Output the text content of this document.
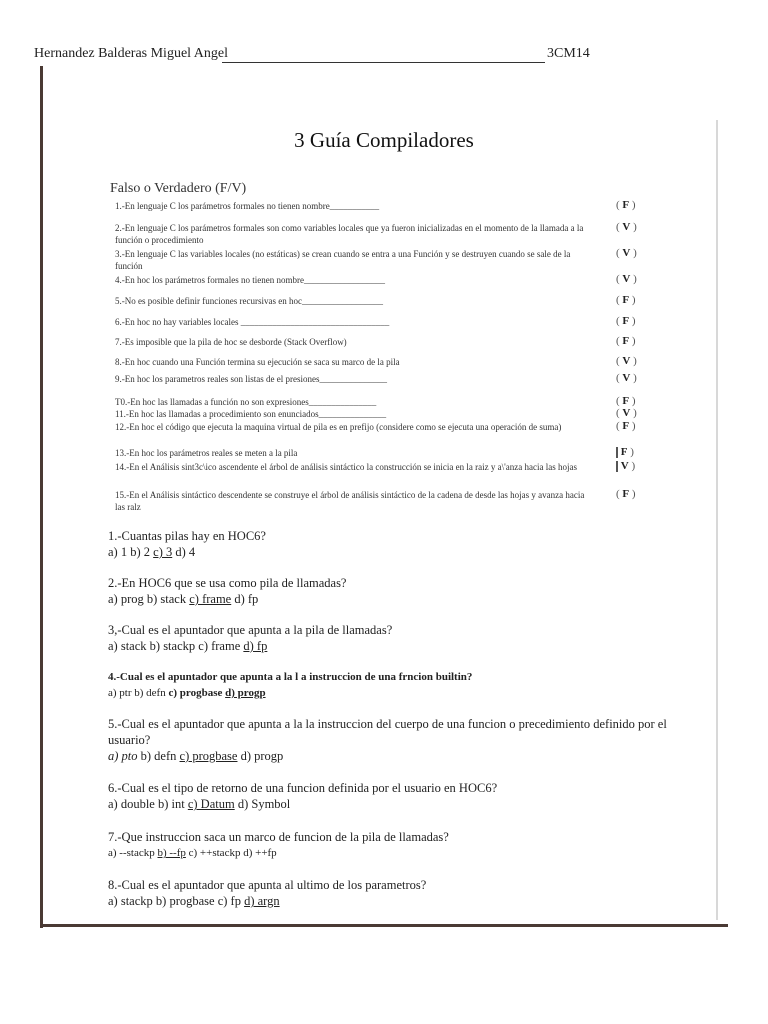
Hernandez Balderas Miguel Angel	3CM14
3 Guía Compiladores
Falso o Verdadero (F/V)
1.-En lenguaje C los parámetros formales no tienen nombre___________	( F )
2.-En lenguaje C los parámetros formales son como variables locales que ya fueron inicializadas en el momento de la llamada a la función o procedimiento
( V )
3.-En lenguaje C las variables locales (no estáticas) se crean cuando se entra a una Función y se destruyen cuando se sale de la función
( V )
4.-En hoc los parámetros formales no tienen nombre__________________	( V )
5.-No es posible definir funciones recursivas en hoc__________________	( F )
6.-En hoc no hay variables locales _________________________________	( F )
7.-Es imposible que la pila de hoc se desborde (Stack Overflow)	( F )
8.-En hoc cuando una Función termina su ejecución se saca su marco de la pila	( V )
9.-En hoc los parametros reales son listas de el presiones_______________	( V )
T0.-En hoc las llamadas a función no son expresiones_______________	( F )
11.-En hoc las llamadas a procedimiento son enunciados_______________	( V )
12.-En hoc el código que ejecuta la maquina virtual de pila es en prefijo (considere como se ejecuta una operación de suma)	( F )
13.-En hoc los parámetros reales se meten a la pila	F )
14.-En el Análisis sint3c\ico ascendente el árbol de análisis sintáctico la construcción se inicia en la raiz y a\'anza hacia las hojas	V )
15.-En el Análisis sintáctico descendente se construye el árbol de análisis sintáctico de la cadena de desde las hojas y avanza hacia las ralz
( F )
1.-Cuantas pilas hay en HOC6?
a) 1 b) 2 c) 3 d) 4
2.-En HOC6 que se usa como pila de llamadas?
a) prog b) stack c) frame d) fp
3,-Cual es el apuntador que apunta a la pila de llamadas?
a) stack b) stackp c) frame d) fp
4.-Cual es el apuntador que apunta a la l a instruccion de una frncion builtin?
a) ptr b) defn c) progbase d) progp
5.-Cual es el apuntador que apunta a la la instruccion del cuerpo de una funcion o precedimiento definido por el usuario?
a) pto b) defn c) progbase d) progp
6.-Cual es el tipo de retorno de una funcion definida por el usuario en HOC6?
a) double b) int c) Datum d) Symbol
7.-Que instruccion saca un marco de funcion de la pila de llamadas?
a) --stackp b) --fp c) ++stackp d) ++fp
8.-Cual es el apuntador que apunta al ultimo de los parametros?
a) stackp b) progbase c) fp d) argn
